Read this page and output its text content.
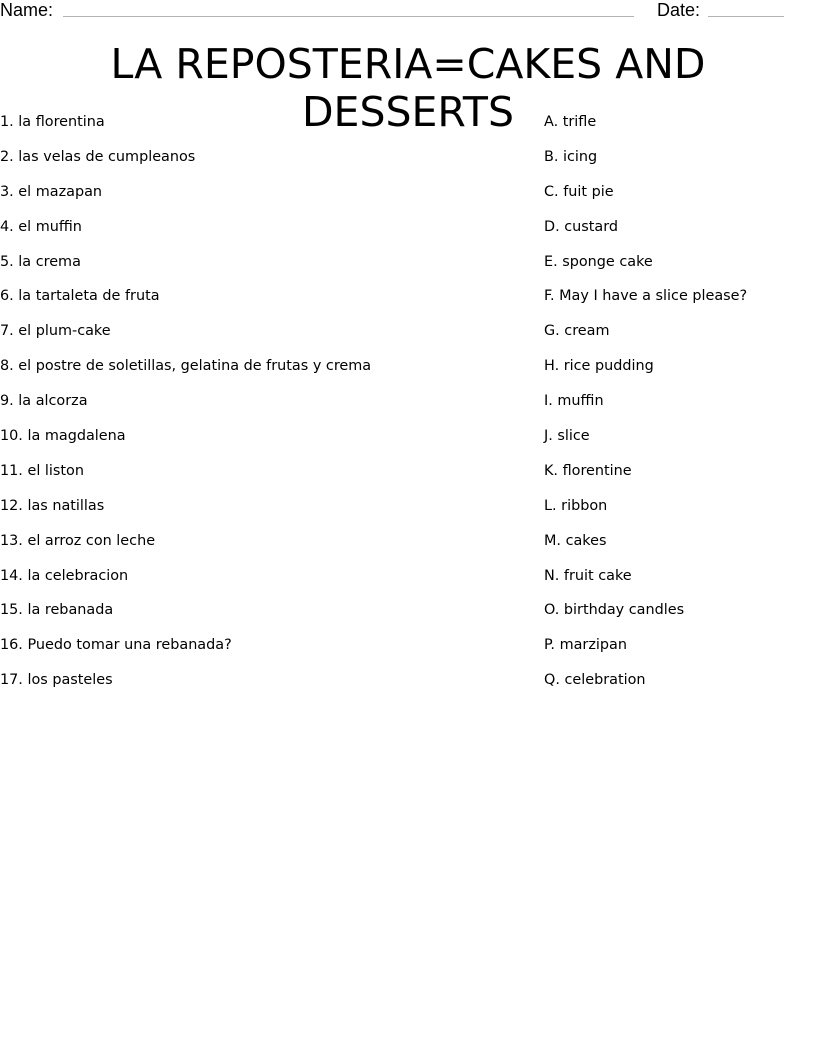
Name:	Date:
LA REPOSTERIA=CAKES AND DESSERTS
1. la florentina
2. las velas de cumpleanos
3. el mazapan
4. el muffin
5. la crema
6. la tartaleta de fruta
7. el plum-cake
8. el postre de soletillas, gelatina de frutas y crema
9. la alcorza
10. la magdalena
11. el liston
12. las natillas
13. el arroz con leche
14. la celebracion
15. la rebanada
16. Puedo tomar una rebanada?
17. los pasteles
A. trifle
B. icing
C. fuit pie
D. custard
E. sponge cake
F. May I have a slice please?
G. cream
H. rice pudding
I. muffin
J. slice
K. florentine
L. ribbon
M. cakes
N. fruit cake
O. birthday candles
P. marzipan
Q. celebration
